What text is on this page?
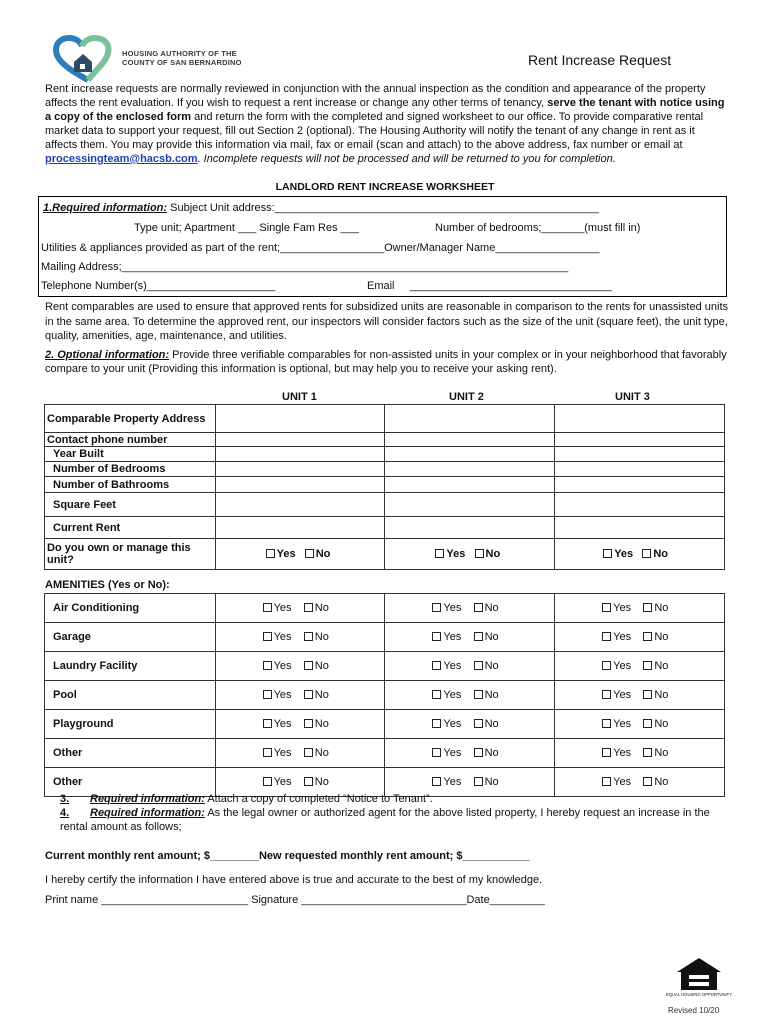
HOUSING AUTHORITY OF THE
COUNTY OF SAN BERNARDINO	Rent Increase Request
Rent increase requests are normally reviewed in conjunction with the annual inspection as the condition and appearance of the property affects the rent evaluation. If you wish to request a rent increase or change any other terms of tenancy, serve the tenant with notice using a copy of the enclosed form and return the form with the completed and signed worksheet to our office. To provide comparative rental market data to support your request, fill out Section 2 (optional). The Housing Authority will notify the tenant of any change in rent as it affects them. You may provide this information via mail, fax or email (scan and attach) to the above address, fax number or email at processingteam@hacsb.com. Incomplete requests will not be processed and will be returned to you for completion.
LANDLORD RENT INCREASE WORKSHEET
1.Required information: Subject Unit address:_____________________________________________________
Type unit; Apartment ___ Single Fam Res ___	Number of bedrooms;_______(must fill in)
Utilities & appliances provided as part of the rent;_________________Owner/Manager Name_________________
Mailing Address;_________________________________________________________________________
Telephone Number(s)_____________________	Email _________________________________
Rent comparables are used to ensure that approved rents for subsidized units are reasonable in comparison to the rents for unassisted units in the same area. To determine the approved rent, our inspectors will consider factors such as the size of the unit (square feet), the unit type, quality, amenities, age, maintenance, and utilities.
2. Optional information: Provide three verifiable comparables for non-assisted units in your complex or in your neighborhood that favorably compare to your unit (Providing this information is optional, but may help you to receive your asking rent).
UNIT 1	UNIT 2	UNIT 3
Comparable Property Address			
Contact phone number			
Year Built			
Number of Bedrooms			
Number of Bathrooms			
Square Feet			
Current Rent			
Do you own or manage this unit?	Yes No	Yes No	Yes No
AMENITIES (Yes or No):
Air Conditioning	Yes No	Yes No	Yes No
Garage	Yes No	Yes No	Yes No
Laundry Facility	Yes No	Yes No	Yes No
Pool	Yes No	Yes No	Yes No
Playground	Yes No	Yes No	Yes No
Other	Yes No	Yes No	Yes No
Other	Yes No	Yes No	Yes No
3. Required information: Attach a copy of completed “Notice to Tenant”.
4. Required information: As the legal owner or authorized agent for the above listed property, I hereby request an increase in the rental amount as follows;
Current monthly rent amount; $________New requested monthly rent amount; $___________
I hereby certify the information I have entered above is true and accurate to the best of my knowledge.
Print name ________________________ Signature ___________________________Date_________
EQUAL HOUSING OPPORTUNITY
Revised 10/20
